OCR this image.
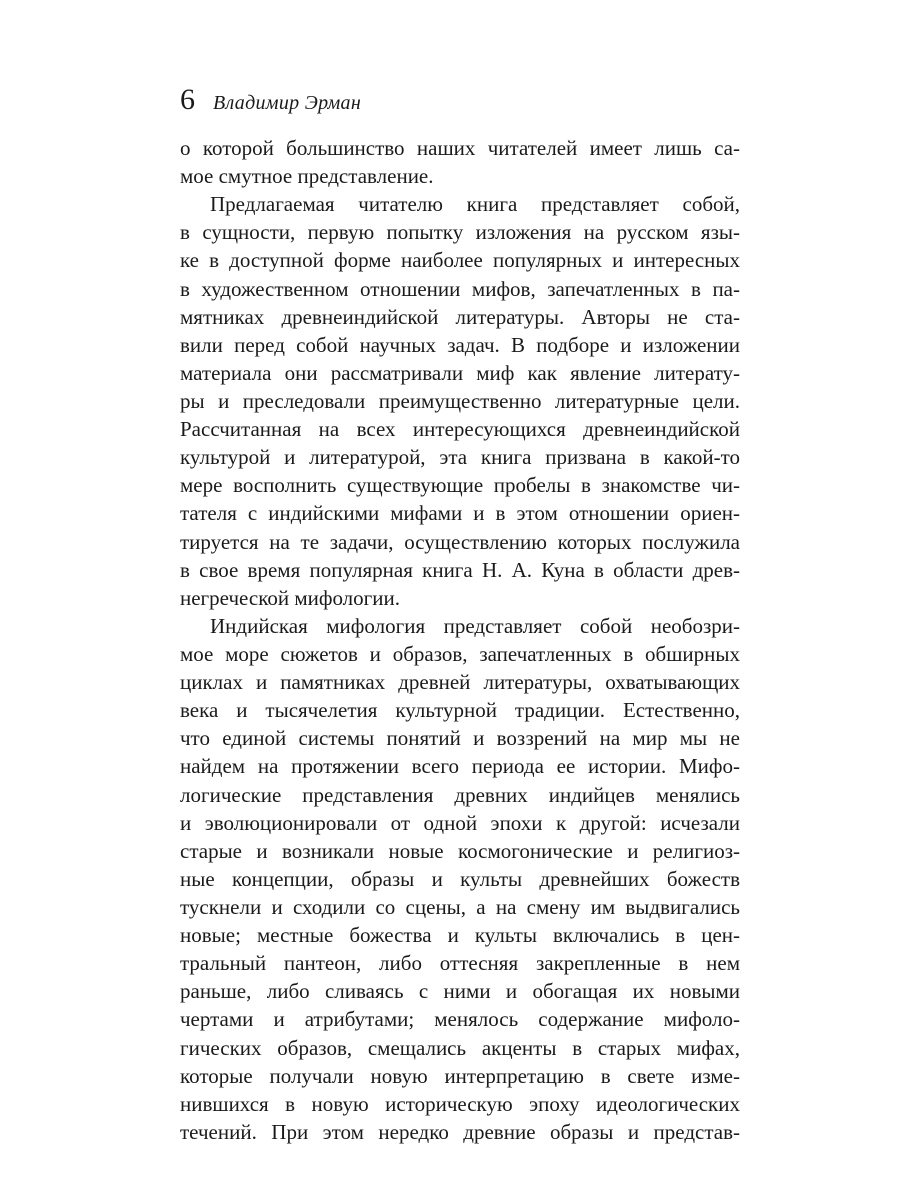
6 Владимир Эрман
о которой большинство наших читателей имеет лишь са-
мое смутное представление.
Предлагаемая читателю книга представляет собой,
в сущности, первую попытку изложения на русском язы-
ке в доступной форме наиболее популярных и интересных
в художественном отношении мифов, запечатленных в па-
мятниках древнеиндийской литературы. Авторы не ста-
вили перед собой научных задач. В подборе и изложении
материала они рассматривали миф как явление литерату-
ры и преследовали преимущественно литературные цели.
Рассчитанная на всех интересующихся древнеиндийской
культурой и литературой, эта книга призвана в какой-то
мере восполнить существующие пробелы в знакомстве чи-
тателя с индийскими мифами и в этом отношении ориен-
тируется на те задачи, осуществлению которых послужила
в свое время популярная книга Н. А. Куна в области древ-
негреческой мифологии.
Индийская мифология представляет собой необозри-
мое море сюжетов и образов, запечатленных в обширных
циклах и памятниках древней литературы, охватывающих
века и тысячелетия культурной традиции. Естественно,
что единой системы понятий и воззрений на мир мы не
найдем на протяжении всего периода ее истории. Мифо-
логические представления древних индийцев менялись
и эволюционировали от одной эпохи к другой: исчезали
старые и возникали новые космогонические и религиоз-
ные концепции, образы и культы древнейших божеств
тускнели и сходили со сцены, а на смену им выдвигались
новые; местные божества и культы включались в цен-
тральный пантеон, либо оттесняя закрепленные в нем
раньше, либо сливаясь с ними и обогащая их новыми
чертами и атрибутами; менялось содержание мифоло-
гических образов, смещались акценты в старых мифах,
которые получали новую интерпретацию в свете изме-
нившихся в новую историческую эпоху идеологических
течений. При этом нередко древние образы и представ-
